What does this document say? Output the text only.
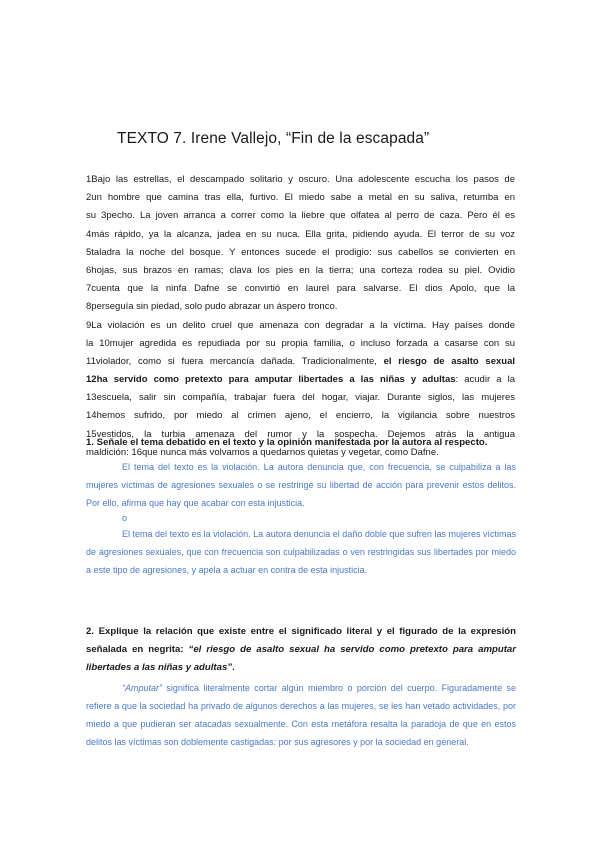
TEXTO 7. Irene Vallejo, “Fin de la escapada”
1Bajo las estrellas, el descampado solitario y oscuro. Una adolescente escucha los pasos de
2un hombre que camina tras ella, furtivo. El miedo sabe a metal en su saliva, retumba en
su 3pecho. La joven arranca a correr como la liebre que olfatea al perro de caza. Pero él es
4más rápido, ya la alcanza, jadea en su nuca. Ella grita, pidiendo ayuda. El terror de su voz
5taladra la noche del bosque. Y entonces sucede el prodigio: sus cabellos se convierten en
6hojas, sus brazos en ramas; clava los pies en la tierra; una corteza rodea su piel. Ovidio
7cuenta que la ninfa Dafne se convirtió en laurel para salvarse. El dios Apolo, que la
8perseguía sin piedad, solo pudo abrazar un áspero tronco.
9La violación es un delito cruel que amenaza con degradar a la víctima. Hay países donde
la 10mujer agredida es repudiada por su propia familia, o incluso forzada a casarse con su
11violador, como si fuera mercancía dañada. Tradicionalmente, el riesgo de asalto sexual
12ha servido como pretexto para amputar libertades a las niñas y adultas: acudir a la
13escuela, salir sin compañía, trabajar fuera del hogar, viajar. Durante siglos, las mujeres
14hemos sufrido, por miedo al crimen ajeno, el encierro, la vigilancia sobre nuestros
15vestidos, la turbia amenaza del rumor y la sospecha. Dejemos atrás la antigua
maldición: 16que nunca más volvamos a quedarnos quietas y vegetar, como Dafne.
1. Señale el tema debatido en el texto y la opinión manifestada por la autora al respecto.
El tema del texto es la violación. La autora denuncia que, con frecuencia, se culpabiliza a las mujeres víctimas de agresiones sexuales o se restringe su libertad de acción para prevenir estos delitos. Por ello, afirma que hay que acabar con esta injusticia.
o
El tema del texto es la violación. La autora denuncia el daño doble que sufren las mujeres víctimas de agresiones sexuales, que con frecuencia son culpabilizadas o ven restringidas sus libertades por miedo a este tipo de agresiones, y apela a actuar en contra de esta injusticia.
2. Explique la relación que existe entre el significado literal y el figurado de la expresión señalada en negrita: “el riesgo de asalto sexual ha servido como pretexto para amputar libertades a las niñas y adultas”.
“Amputar” significa literalmente cortar algún miembro o porción del cuerpo. Figuradamente se refiere a que la sociedad ha privado de algunos derechos a las mujeres, se les han vetado actividades, por miedo a que pudieran ser atacadas sexualmente. Con esta metáfora resalta la paradoja de que en estos delitos las víctimas son doblemente castigadas: por sus agresores y por la sociedad en general.
